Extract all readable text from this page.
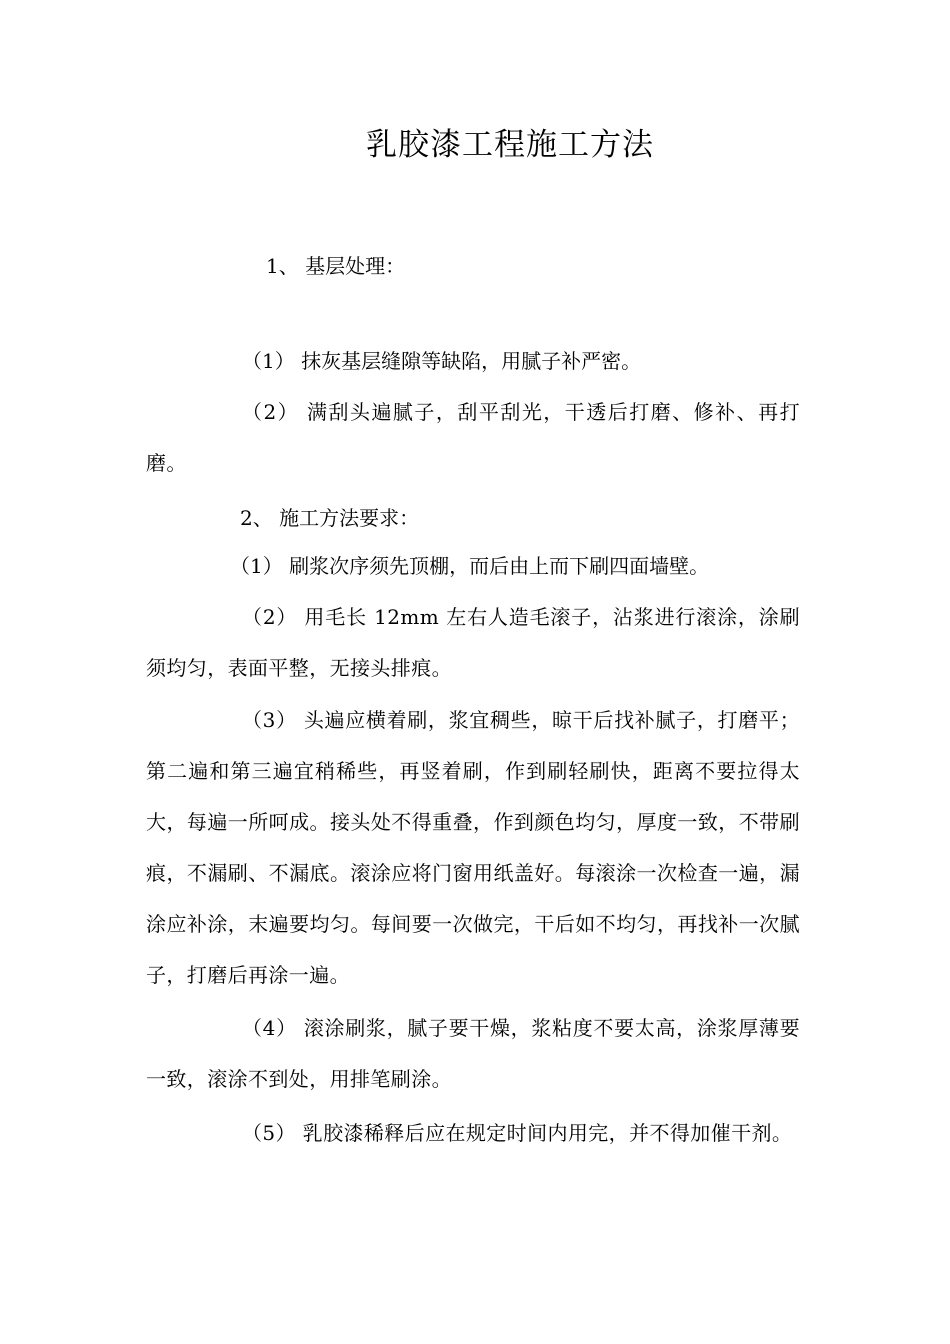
乳胶漆工程施工方法
1、 基层处理：

（1） 抹灰基层缝隙等缺陷，用腻子补严密。

（2） 满刮头遍腻子，刮平刮光，干透后打磨、修补、再打磨。

2、 施工方法要求：

（1） 刷浆次序须先顶棚，而后由上而下刷四面墙壁。

（2） 用毛长 12mm 左右人造毛滚子，沾浆进行滚涂，涂刷须均匀，表面平整，无接头排痕。

（3） 头遍应横着刷，浆宜稠些，晾干后找补腻子，打磨平；第二遍和第三遍宜稍稀些，再竖着刷，作到刷轻刷快，距离不要拉得太大，每遍一所呵成。接头处不得重叠，作到颜色均匀，厚度一致，不带刷痕，不漏刷、不漏底。滚涂应将门窗用纸盖好。每滚涂一次检查一遍，漏涂应补涂，末遍要均匀。每间要一次做完，干后如不均匀，再找补一次腻子，打磨后再涂一遍。

（4） 滚涂刷浆，腻子要干燥，浆粘度不要太高，涂浆厚薄要一致，滚涂不到处，用排笔刷涂。

（5） 乳胶漆稀释后应在规定时间内用完，并不得加催干剂。
